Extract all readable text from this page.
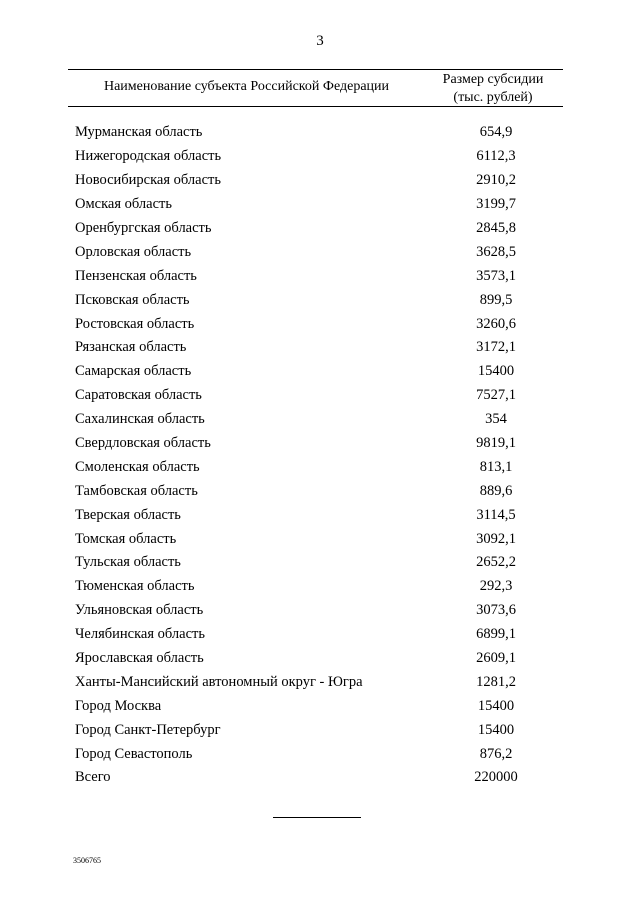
3
Наименование субъекта Российской Федерации	Размер субсидии
(тыс. рублей)
Мурманская область	654,9
Нижегородская область	6112,3
Новосибирская область	2910,2
Омская область	3199,7
Оренбургская область	2845,8
Орловская область	3628,5
Пензенская область	3573,1
Псковская область	899,5
Ростовская область	3260,6
Рязанская область	3172,1
Самарская область	15400
Саратовская область	7527,1
Сахалинская область	354
Свердловская область	9819,1
Смоленская область	813,1
Тамбовская область	889,6
Тверская область	3114,5
Томская область	3092,1
Тульская область	2652,2
Тюменская область	292,3
Ульяновская область	3073,6
Челябинская область	6899,1
Ярославская область	2609,1
Ханты-Мансийский автономный округ - Югра	1281,2
Город Москва	15400
Город Санкт-Петербург	15400
Город Севастополь	876,2
Всего	220000
3506765
